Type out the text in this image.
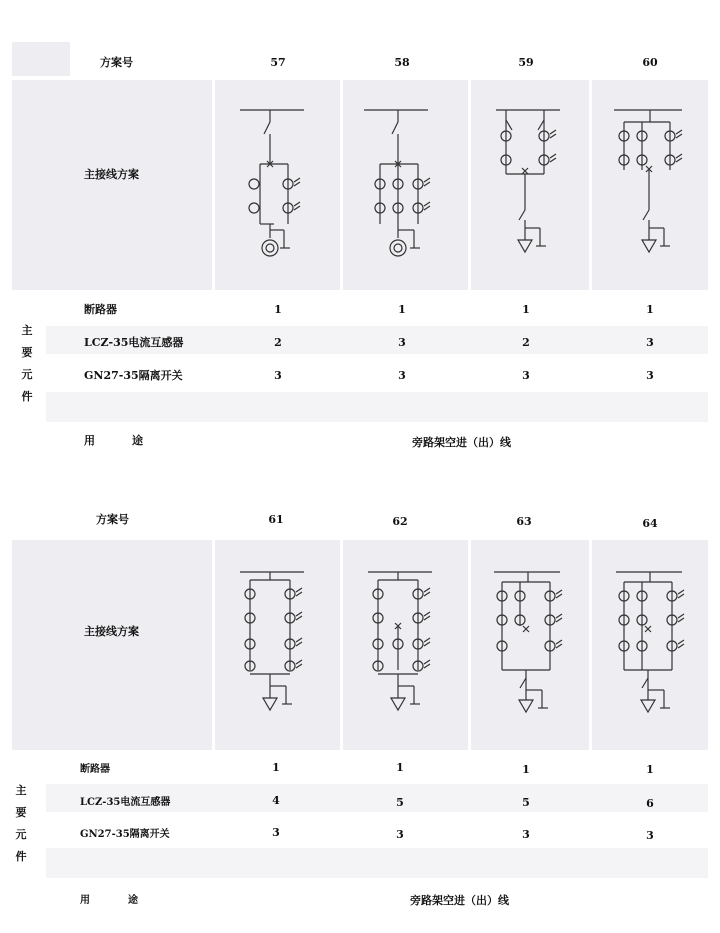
方案号	57	58	59	60
主接线方案
主
要
元
件
断路器	1	1	1	1
LCZ-35电流互感器	2	3	2	3
GN27-35隔离开关	3	3	3	3
用	途	旁路架空进（出）线
方案号	61	62	63	64
主接线方案
主
要
元
件
断路器	1	1	1	1
LCZ-35电流互感器	4	5	5	6
GN27-35隔离开关	3	3	3	3
用	途	旁路架空进（出）线
